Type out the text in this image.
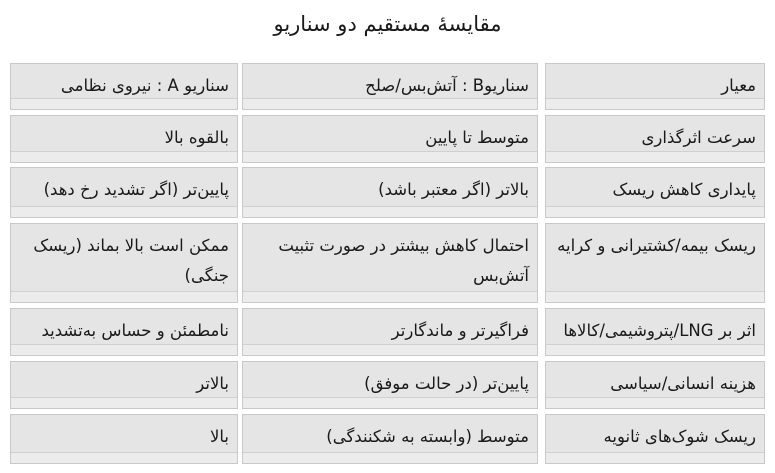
مقایسهٔ مستقیم دو سناریو
معیار
سناریوB : آتش‌بس/صلح
سناریو A : نیروی نظامی
سرعت اثرگذاری
متوسط تا پایین
بالقوه بالا
پایداری کاهش ریسک
بالاتر (اگر معتبر باشد)
پایین‌تر (اگر تشدید رخ دهد)
ریسک بیمه/کشتیرانی و کرایه
احتمال کاهش بیشتر در صورت تثبیت آتش‌بس
ممکن است بالا بماند (ریسک جنگی)
اثر بر LNG/پتروشیمی/کالاها
فراگیرتر و ماندگارتر
نامطمئن و حساس به‌تشدید
هزینه انسانی/سیاسی
پایین‌تر (در حالت موفق)
بالاتر
ریسک شوک‌های ثانویه
متوسط (وابسته به شکنندگی)
بالا
